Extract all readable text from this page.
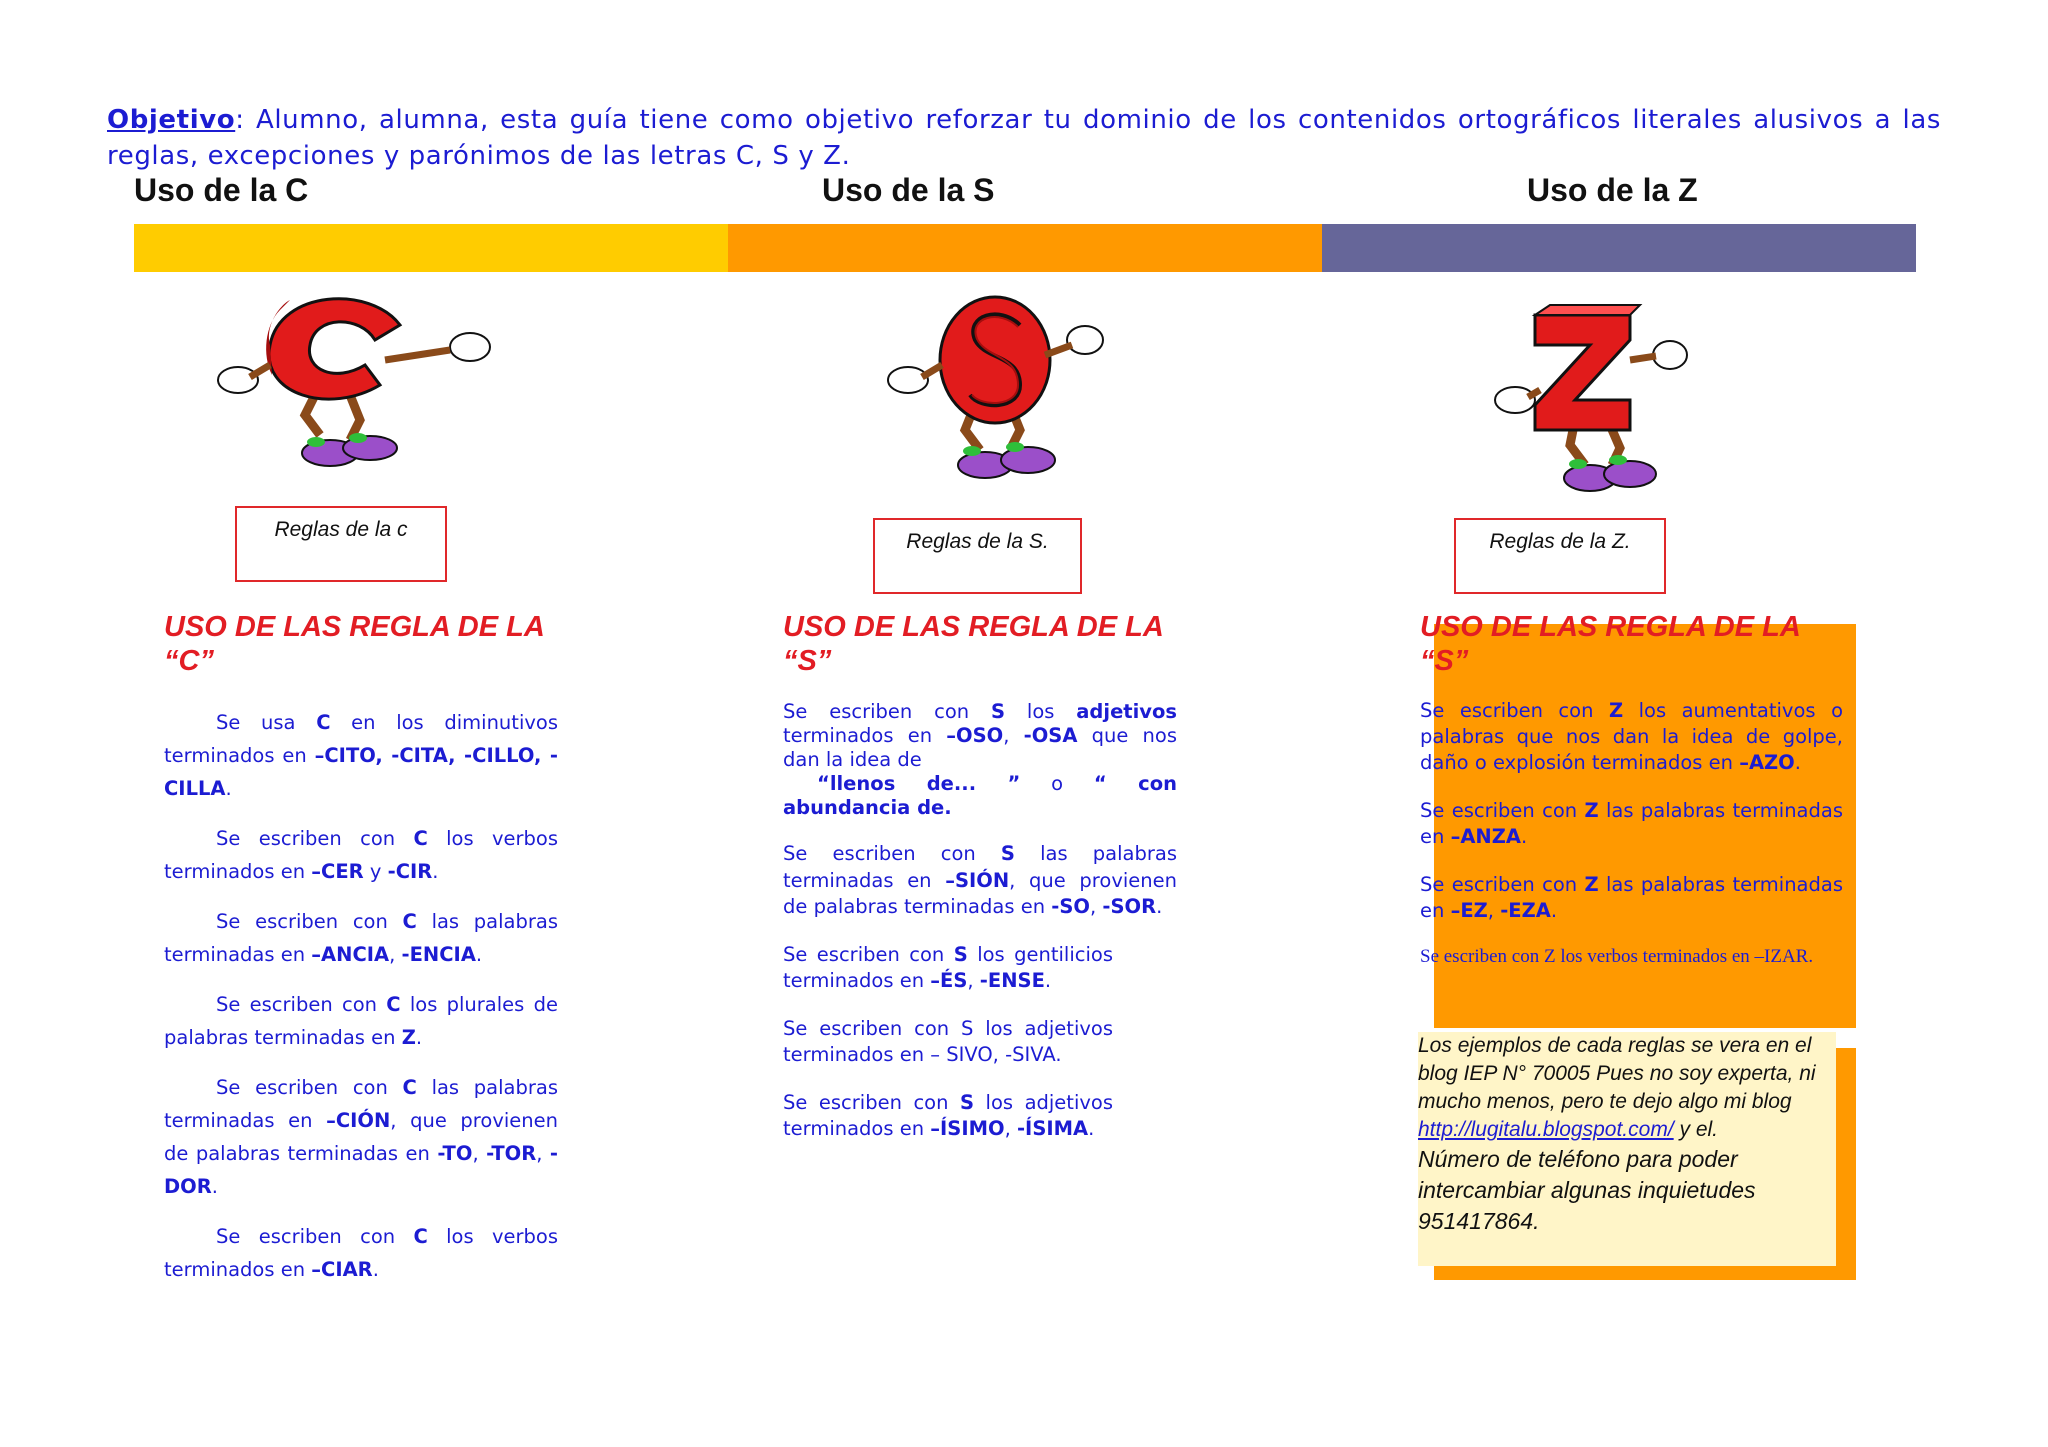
Objetivo: Alumno, alumna, esta guía tiene como objetivo reforzar tu dominio de los contenidos ortográficos literales alusivos a las reglas, excepciones y parónimos de las letras C, S y Z.
Uso de la C	Uso de la S	Uso de la Z
Reglas de la c
Reglas de la S.	Reglas de la Z.
USO DE LAS REGLA DE LA
“C”
Se usa C en los diminutivos terminados en –CITO, -CITA, -CILLO, -CILLA.
Se escriben con C los verbos terminados en –CER y -CIR.
Se escriben con C las palabras terminadas en –ANCIA, -ENCIA.
Se escriben con C los plurales de palabras terminadas en Z.
Se escriben con C las palabras terminadas en –CIÓN, que provienen de palabras terminadas en -TO, -TOR, -DOR.
Se escriben con C los verbos terminados en –CIAR.
USO DE LAS REGLA DE LA
“S”
Se escriben con S los adjetivos terminados en –OSO, -OSA que nos dan la idea de
“llenos de... ” o “ con abundancia de.
Se escriben con S las palabras terminadas en –SIÓN, que provienen de palabras terminadas en -SO, -SOR.
Se escriben con S los gentilicios terminados en –ÉS, -ENSE.
Se escriben con S los adjetivos terminados en – SIVO, -SIVA.
Se escriben con S los adjetivos terminados en –ÍSIMO, -ÍSIMA.
USO DE LAS REGLA DE LA
“S”
Se escriben con Z los aumentativos o palabras que nos dan la idea de golpe, daño o explosión terminados en –AZO.
Se escriben con Z las palabras terminadas en –ANZA.
Se escriben con Z las palabras terminadas en –EZ, -EZA.
Se escriben con Z los verbos terminados en –IZAR.
Los ejemplos de cada reglas se vera en el blog IEP N° 70005 Pues no soy experta, ni mucho menos, pero te dejo algo mi blog
http://lugitalu.blogspot.com/ y el.
Número de teléfono para poder intercambiar algunas inquietudes 951417864.
